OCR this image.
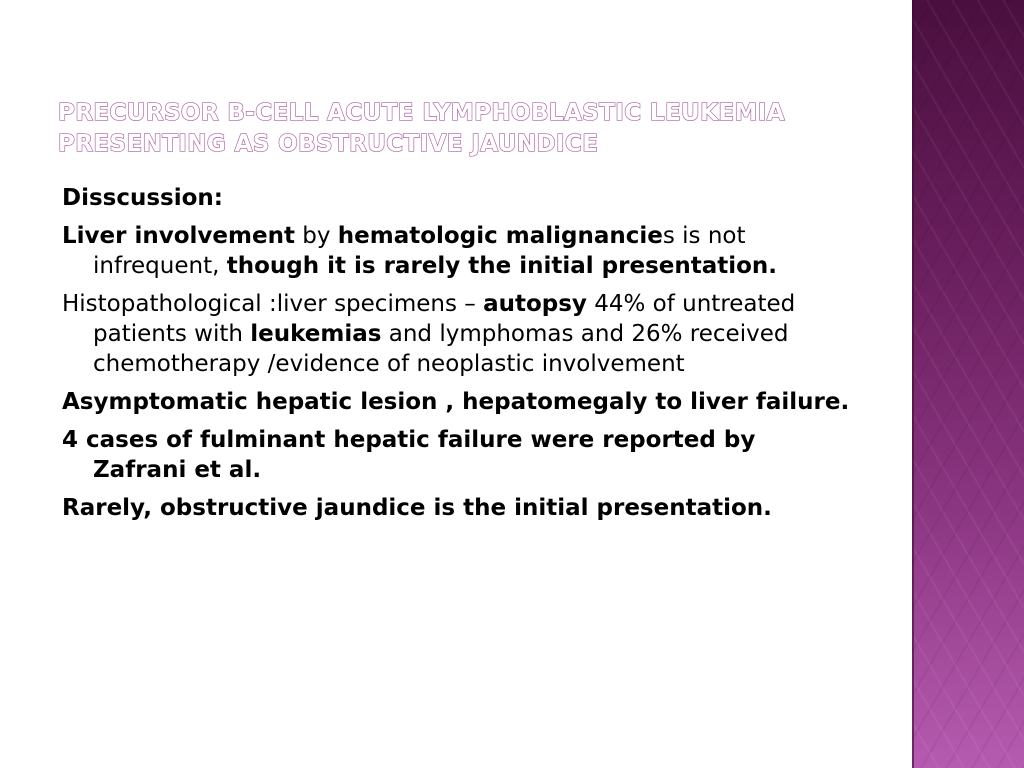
PRECURSOR B-CELL ACUTE LYMPHOBLASTIC LEUKEMIA
PRESENTING AS OBSTRUCTIVE JAUNDICE

Disscussion:

Liver involvement by hematologic malignancies is not infrequent, though it is rarely the initial presentation.

Histopathological :liver specimens – autopsy 44% of untreated patients with leukemias and lymphomas and 26% received chemotherapy /evidence of neoplastic involvement

Asymptomatic hepatic lesion , hepatomegaly to liver failure.

4 cases of fulminant hepatic failure were reported by Zafrani et al.

Rarely, obstructive jaundice is the initial presentation.
